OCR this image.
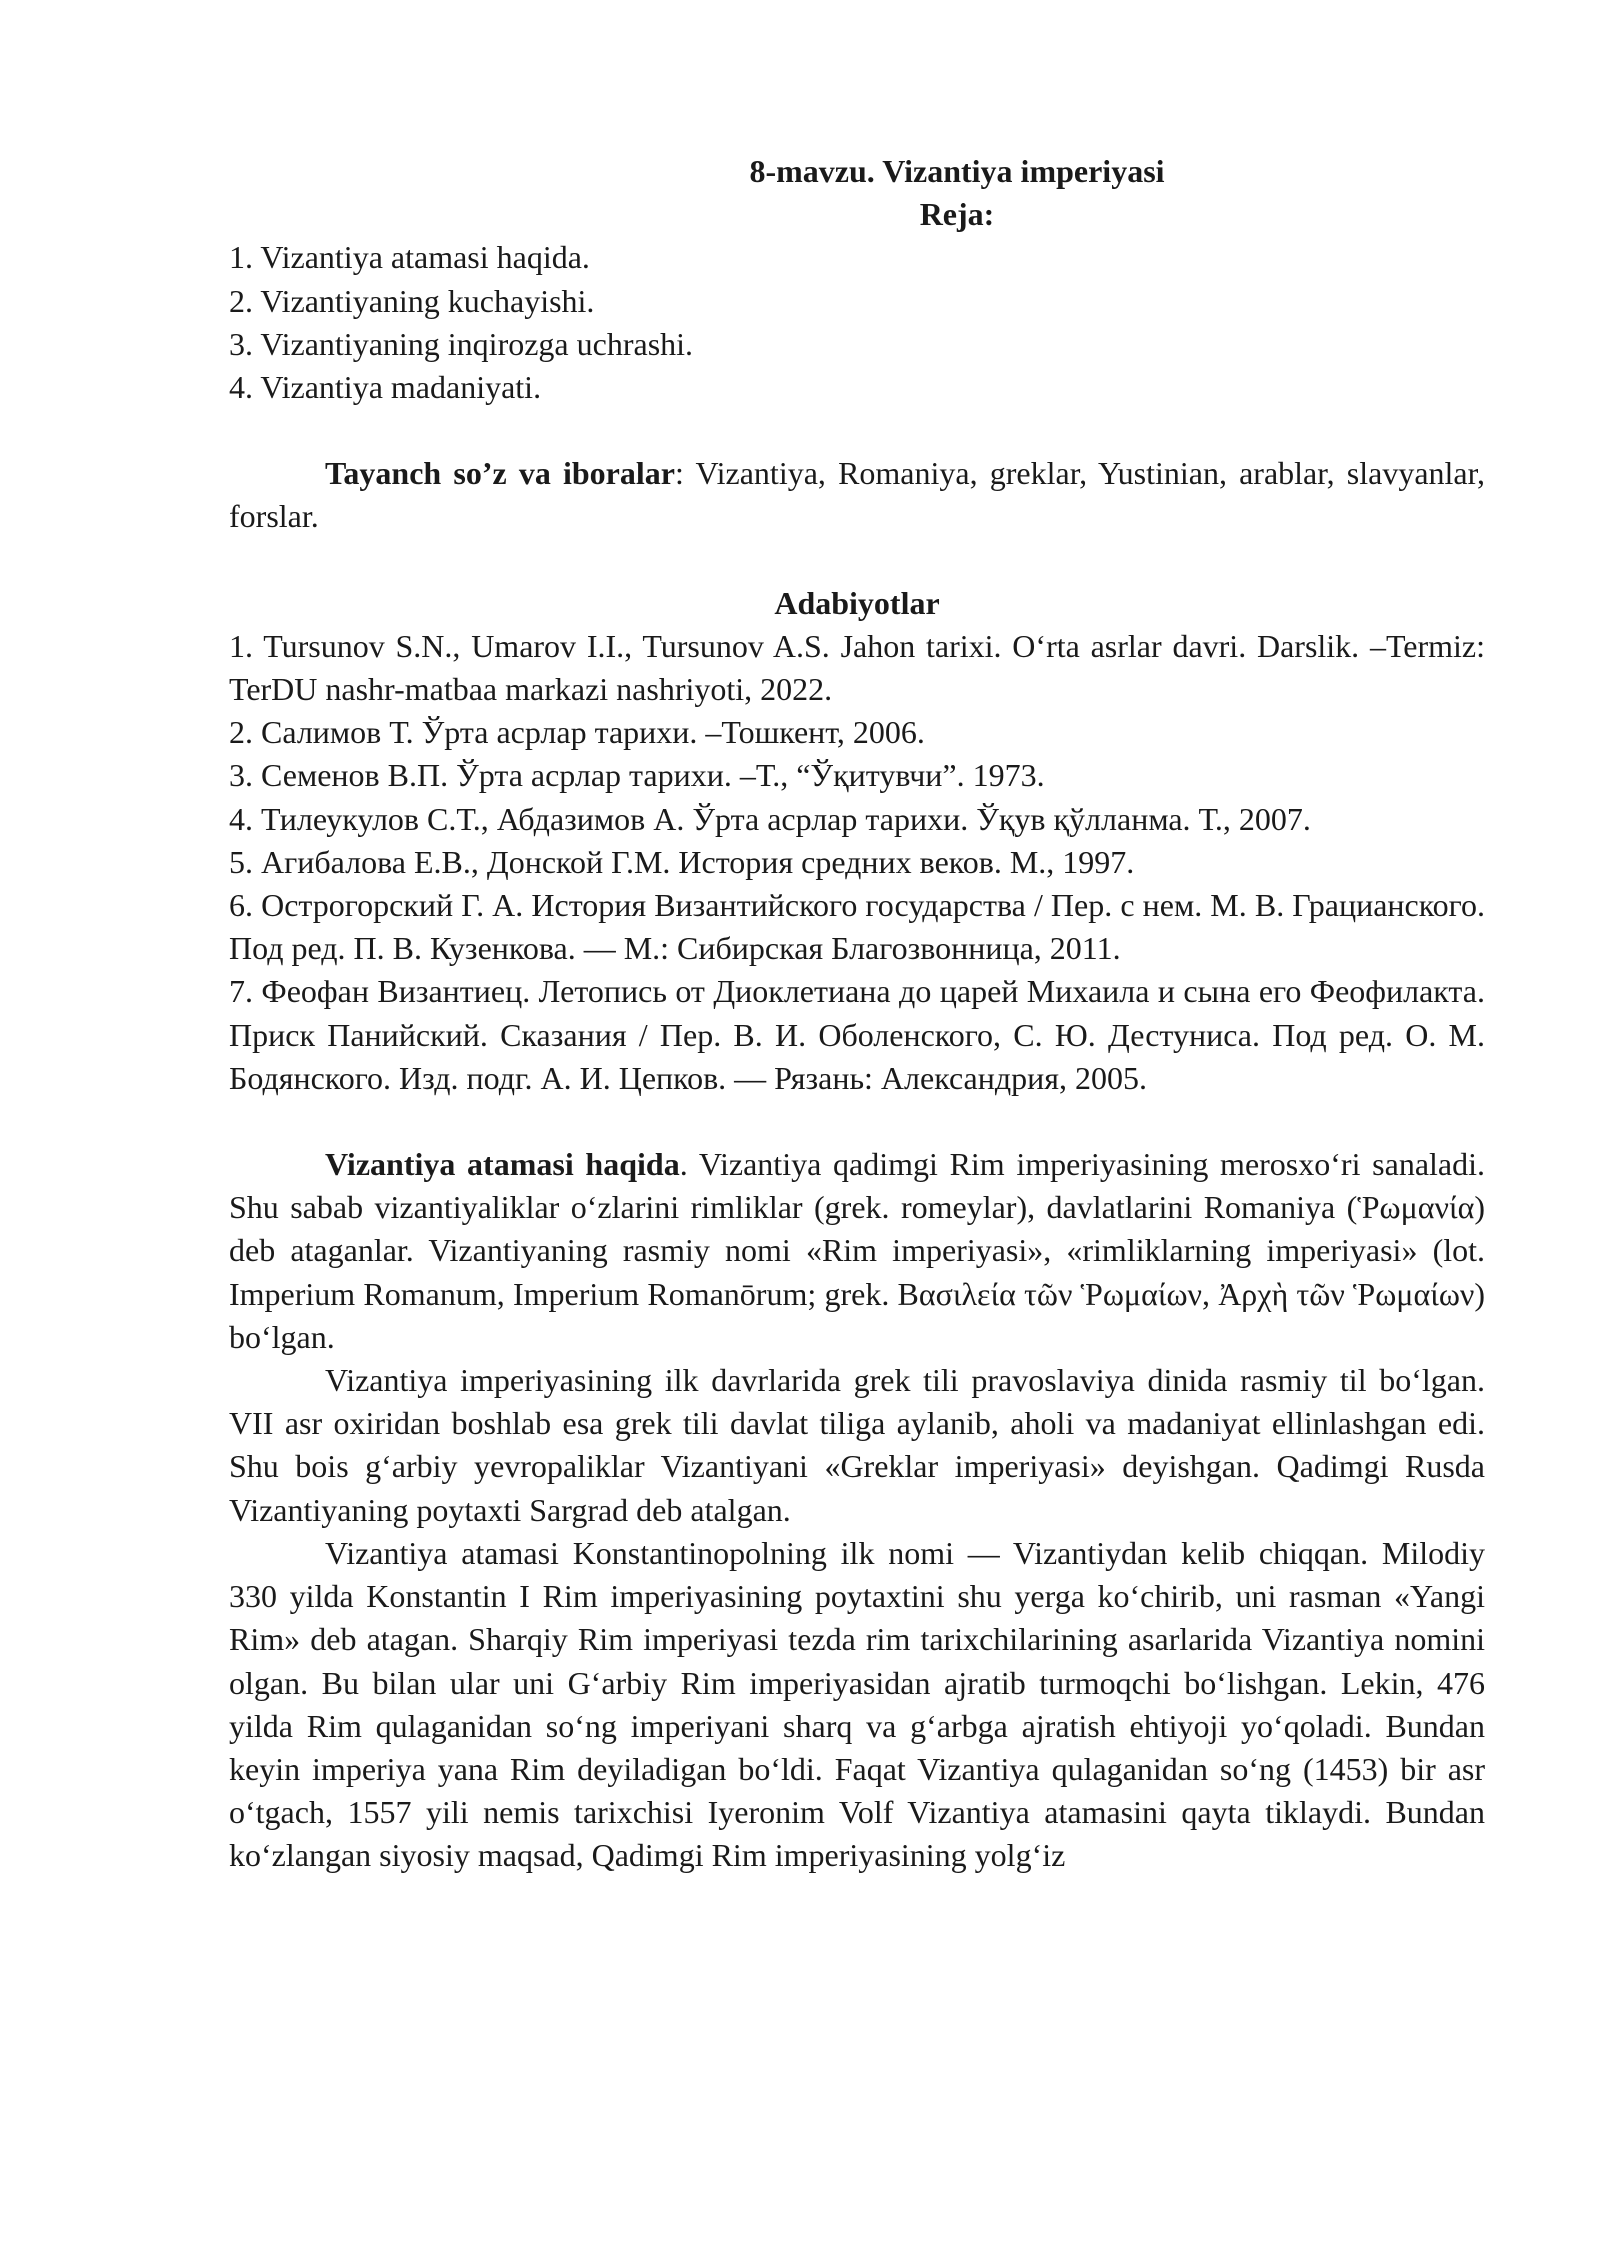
8-mavzu. Vizantiya imperiyasi

Reja:

1. Vizantiya atamasi haqida.

2. Vizantiyaning kuchayishi.

3. Vizantiyaning inqirozga uchrashi.

4. Vizantiya madaniyati.

Tayanch so’z va iboralar: Vizantiya, Romaniya, greklar, Yustinian, arablar, slavyanlar, forslar.

Adabiyotlar

1. Tursunov S.N., Umarov I.I., Tursunov A.S. Jahon tarixi. O‘rta asrlar davri. Darslik. –Termiz: TerDU nashr-matbaa markazi nashriyoti, 2022.

2. Салимов Т. Ўрта асрлар тарихи. –Тошкент, 2006.

3. Семенов В.П. Ўрта асрлар тарихи. –Т., “Ўқитувчи”. 1973.

4. Тилеукулов С.Т., Абдазимов А. Ўрта асрлар тарихи. Ўқув қўлланма. Т., 2007.

5. Агибалова Е.В., Донской Г.М. История средних веков. М., 1997.

6. Острогорский Г. А. История Византийского государства / Пер. с нем. М. В. Грацианского. Под ред. П. В. Кузенкова. — М.: Сибирская Благозвонница, 2011.

7. Феофан Византиец. Летопись от Диоклетиана до царей Михаила и сына его Феофилакта. Приск Панийский. Сказания / Пер. В. И. Оболенского, С. Ю. Дестуниса. Под ред. О. М. Бодянского. Изд. подг. А. И. Цепков. — Рязань: Александрия, 2005.

Vizantiya atamasi haqida. Vizantiya qadimgi Rim imperiyasining merosxo‘ri sanaladi. Shu sabab vizantiyaliklar o‘zlarini rimliklar (grek. romeylar), davlatlarini Romaniya (Ῥωμανία) deb ataganlar. Vizantiyaning rasmiy nomi «Rim imperiyasi», «rimliklarning imperiyasi» (lot. Imperium Romanum, Imperium Romanōrum; grek. Βασιλεία τῶν Ῥωμαίων, Ἀρχὴ τῶν Ῥωμαίων) bo‘lgan.

Vizantiya imperiyasining ilk davrlarida grek tili pravoslaviya dinida rasmiy til bo‘lgan. VII asr oxiridan boshlab esa grek tili davlat tiliga aylanib, aholi va madaniyat ellinlashgan edi. Shu bois g‘arbiy yevropaliklar Vizantiyani «Greklar imperiyasi» deyishgan. Qadimgi Rusda Vizantiyaning poytaxti Sargrad deb atalgan.

Vizantiya atamasi Konstantinopolning ilk nomi — Vizantiydan kelib chiqqan. Milodiy 330 yilda Konstantin I Rim imperiyasining poytaxtini shu yerga ko‘chirib, uni rasman «Yangi Rim» deb atagan. Sharqiy Rim imperiyasi tezda rim tarixchilarining asarlarida Vizantiya nomini olgan. Bu bilan ular uni G‘arbiy Rim imperiyasidan ajratib turmoqchi bo‘lishgan. Lekin, 476 yilda Rim qulaganidan so‘ng imperiyani sharq va g‘arbga ajratish ehtiyoji yo‘qoladi. Bundan keyin imperiya yana Rim deyiladigan bo‘ldi. Faqat Vizantiya qulaganidan so‘ng (1453) bir asr o‘tgach, 1557 yili nemis tarixchisi Iyeronim Volf Vizantiya atamasini qayta tiklaydi. Bundan ko‘zlangan siyosiy maqsad, Qadimgi Rim imperiyasining yolg‘iz
